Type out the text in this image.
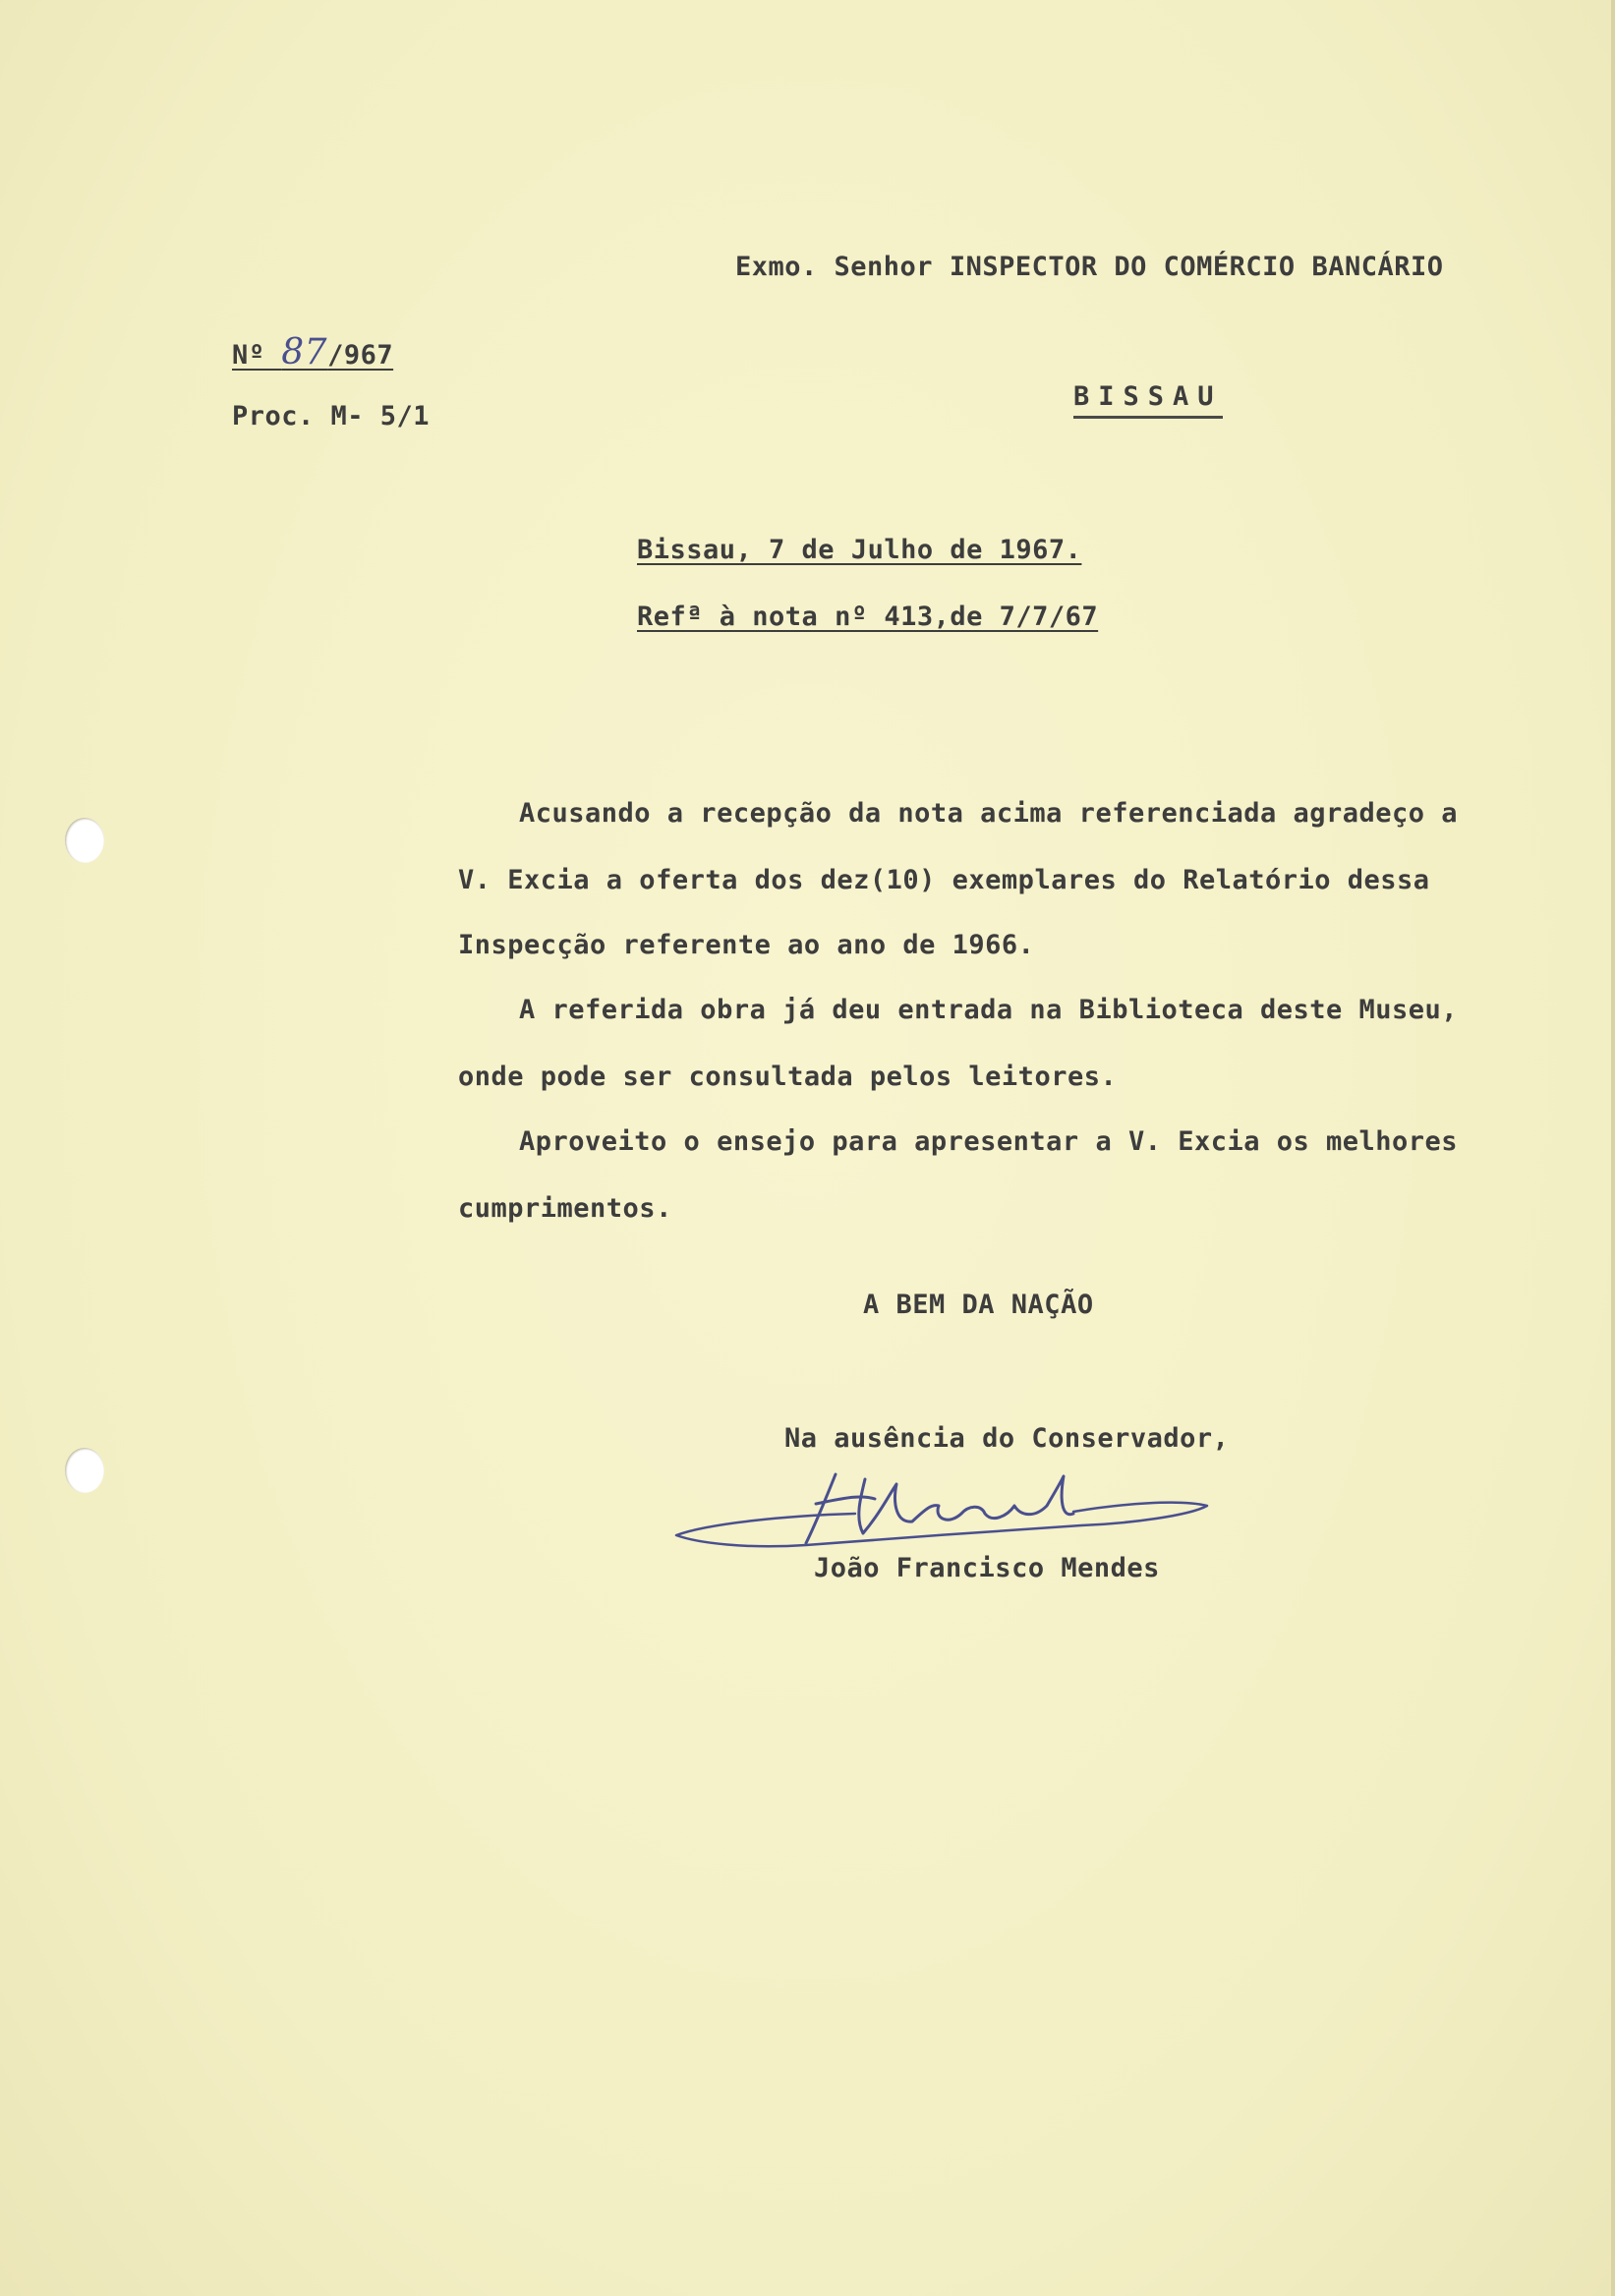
Exmo. Senhor INSPECTOR DO COMÉRCIO BANCÁRIO
Nº 87/967
Proc. M- 5/1
BISSAU
Bissau, 7 de Julho de 1967.
Refª à nota nº 413,de 7/7/67
Acusando a recepção da nota acima referenciada agradeço a
V. Excia a oferta dos dez(10) exemplares do Relatório dessa
Inspecção referente ao ano de 1966.
A referida obra já deu entrada na Biblioteca deste Museu,
onde pode ser consultada pelos leitores.
Aproveito o ensejo para apresentar a V. Excia os melhores
cumprimentos.
A BEM DA NAÇÃO
Na ausência do Conservador,
João Francisco Mendes
